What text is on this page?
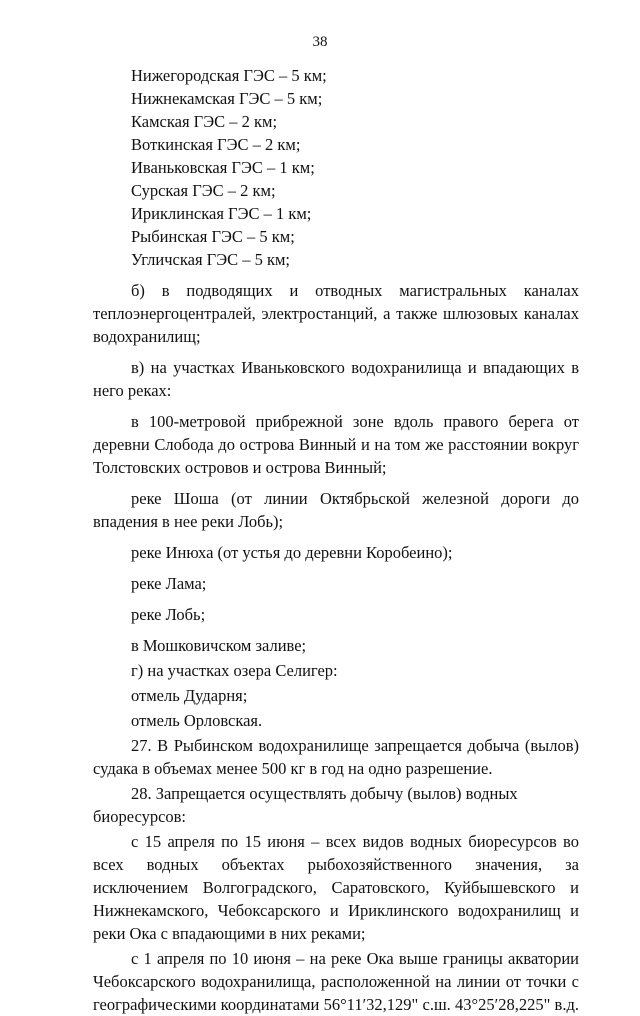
38

Нижегородская ГЭС – 5 км;

Нижнекамская ГЭС – 5 км;

Камская ГЭС – 2 км;

Воткинская ГЭС – 2 км;

Иваньковская ГЭС – 1 км;

Сурская ГЭС – 2 км;

Ириклинская ГЭС – 1 км;

Рыбинская ГЭС – 5 км;

Угличская ГЭС – 5 км;

б) в подводящих и отводных магистральных каналах теплоэнергоцентралей, электростанций, а также шлюзовых каналах водохранилищ;

в) на участках Иваньковского водохранилища и впадающих в него реках:

в 100-метровой прибрежной зоне вдоль правого берега от деревни Слобода до острова Винный и на том же расстоянии вокруг Толстовских островов и острова Винный;

реке Шоша (от линии Октябрьской железной дороги до впадения в нее реки Лобь);

реке Инюха (от устья до деревни Коробеино);

реке Лама;

реке Лобь;

в Мошковичском заливе;

г) на участках озера Селигер:

отмель Дударня;

отмель Орловская.

27. В Рыбинском водохранилище запрещается добыча (вылов) судака в объемах менее 500 кг в год на одно разрешение.

28. Запрещается осуществлять добычу (вылов) водных биоресурсов:

с 15 апреля по 15 июня – всех видов водных биоресурсов во всех водных объектах рыбохозяйственного значения, за исключением Волгоградского, Саратовского, Куйбышевского и Нижнекамского, Чебоксарского и Ириклинского водохранилищ и реки Ока с впадающими в них реками;

с 1 апреля по 10 июня – на реке Ока выше границы акватории Чебоксарского водохранилища, расположенной на линии от точки с географическими координатами 56°11ʹ32,129" с.ш. 43°25ʹ28,225" в.д.
